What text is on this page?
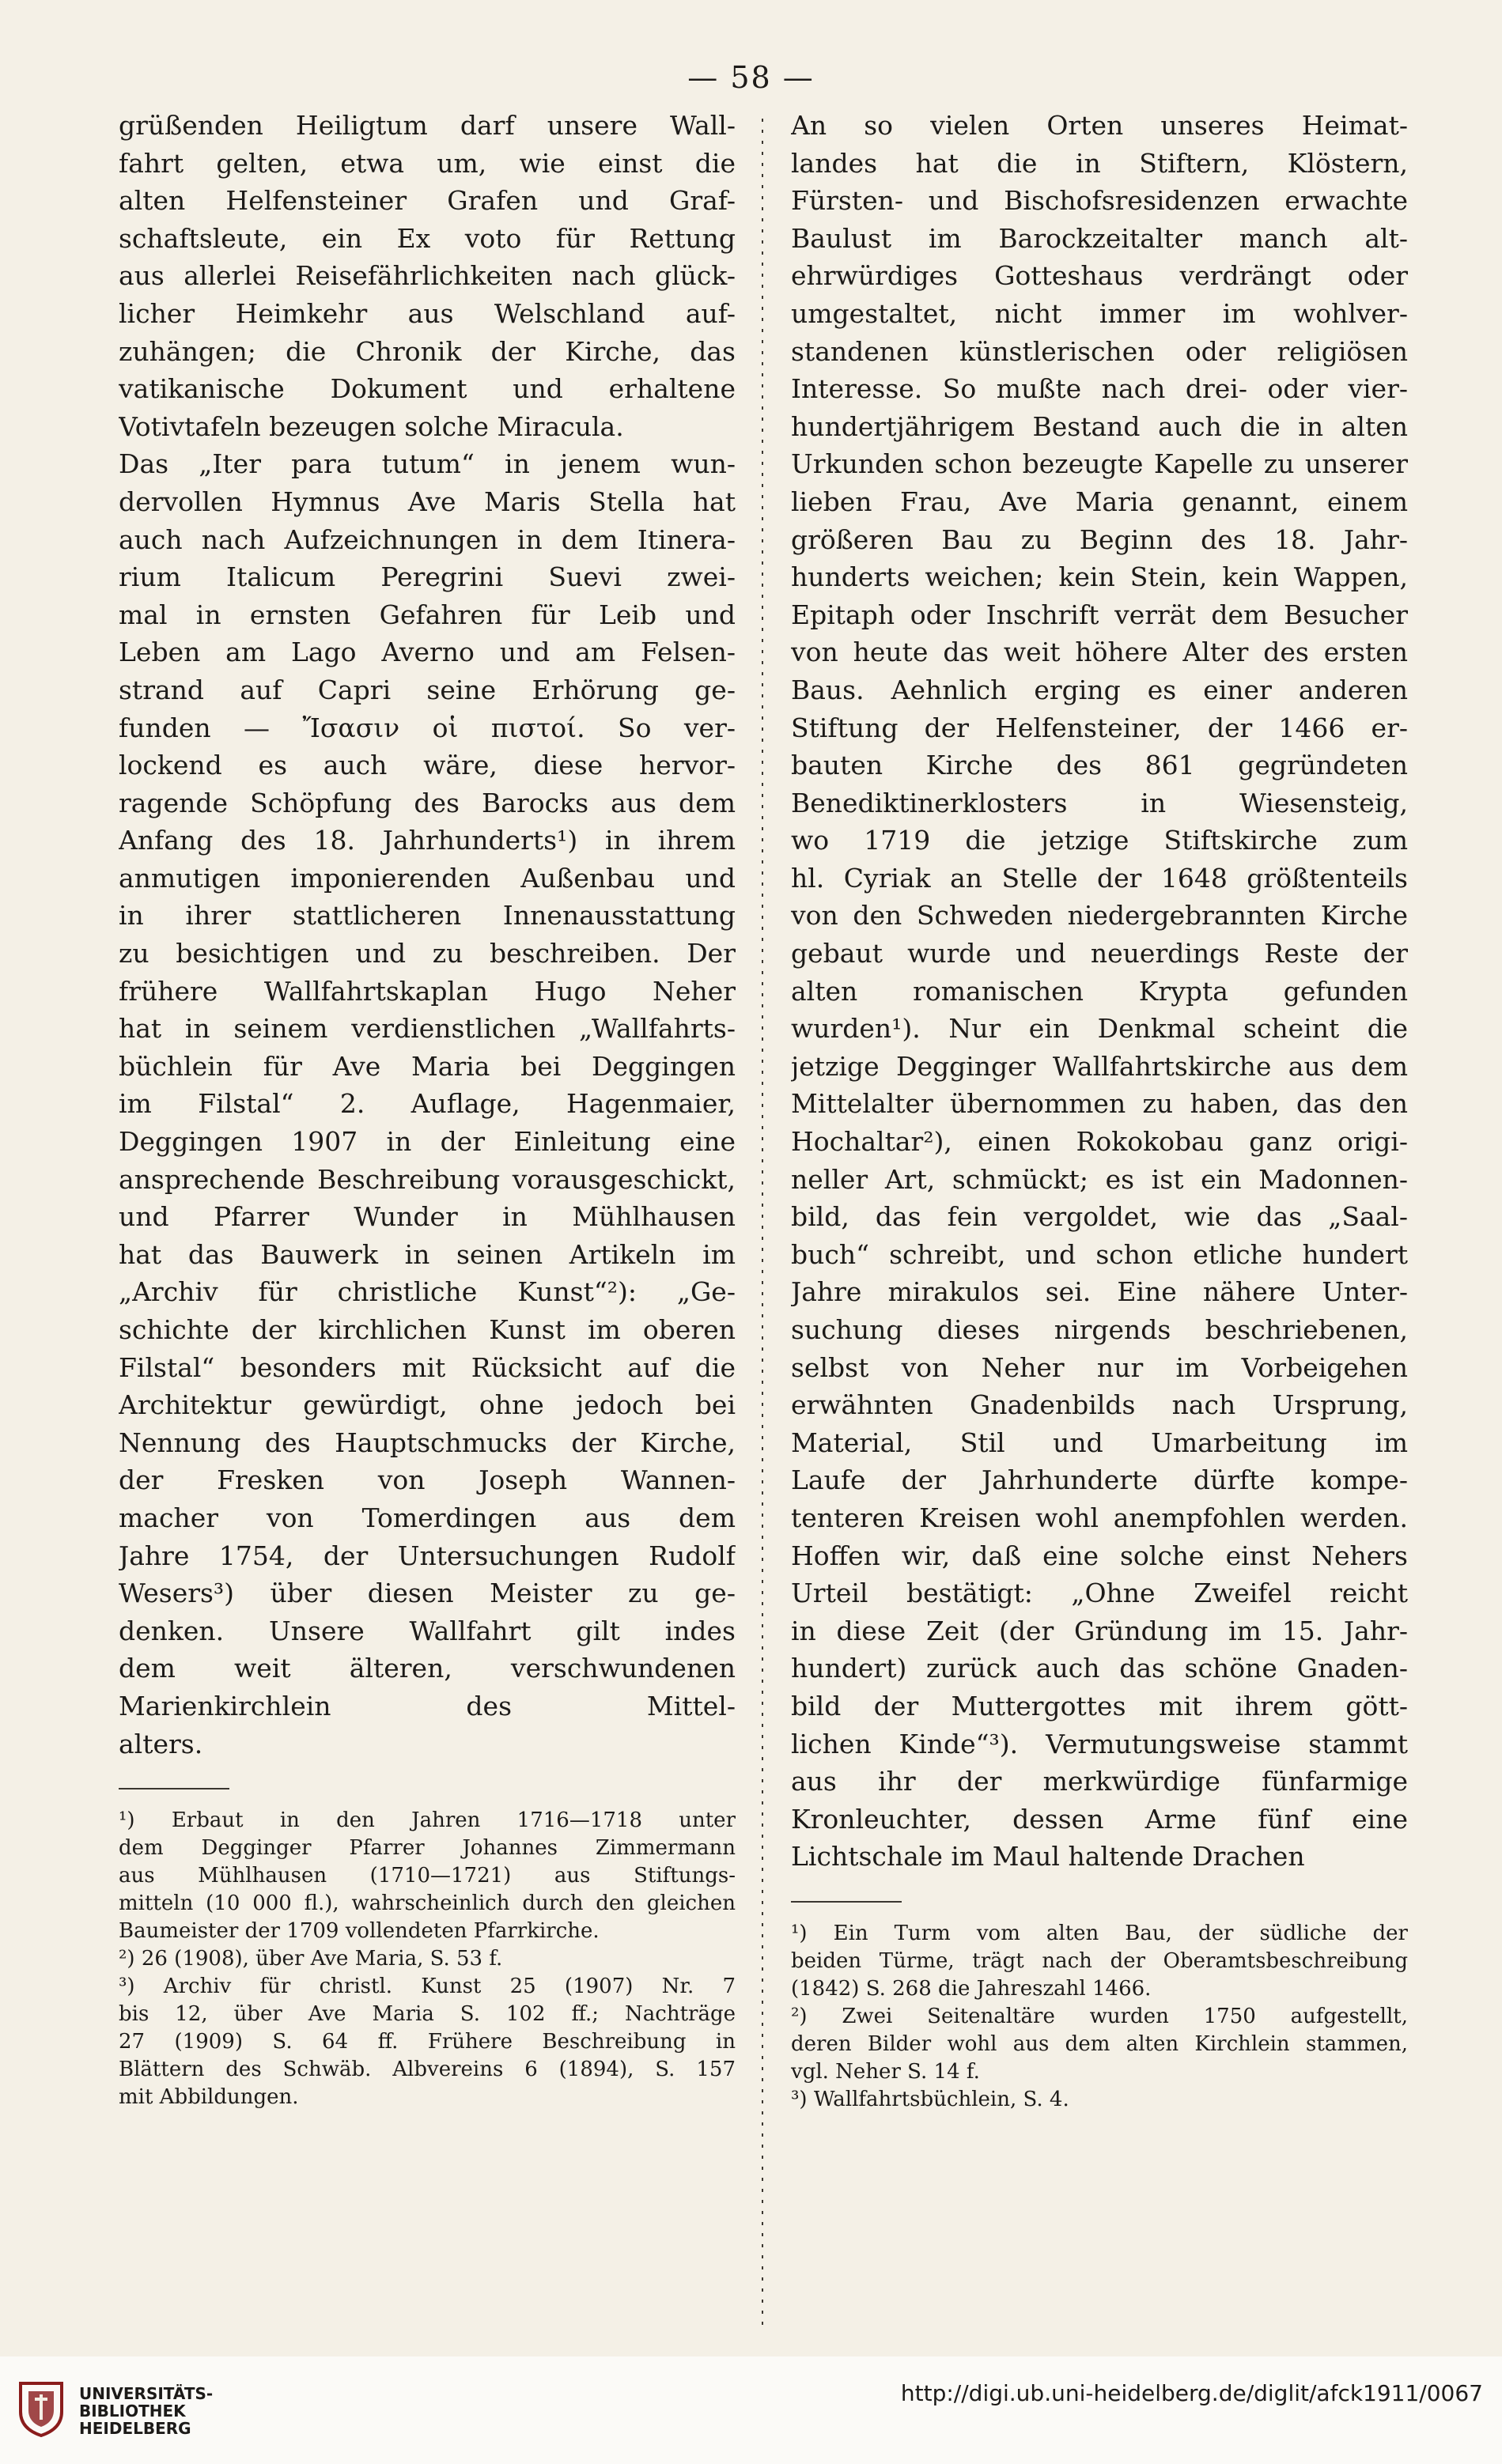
— 58 —
grüßenden Heiligtum darf unsere Wall-
fahrt gelten, etwa um, wie einst die
alten Helfensteiner Grafen und Graf-
schaftsleute, ein Ex voto für Rettung
aus allerlei Reisefährlichkeiten nach glück-
licher Heimkehr aus Welschland auf-
zuhängen; die Chronik der Kirche, das
vatikanische Dokument und erhaltene
Votivtafeln bezeugen solche Miracula.
Das „Iter para tutum“ in jenem wun-
dervollen Hymnus Ave Maris Stella hat
auch nach Aufzeichnungen in dem Itinera-
rium Italicum Peregrini Suevi zwei-
mal in ernsten Gefahren für Leib und
Leben am Lago Averno und am Felsen-
strand auf Capri seine Erhörung ge-
funden — Ἴσασιν οἱ πιστοί. So ver-
lockend es auch wäre, diese hervor-
ragende Schöpfung des Barocks aus dem
Anfang des 18. Jahrhunderts¹) in ihrem
anmutigen imponierenden Außenbau und
in ihrer stattlicheren Innenausstattung
zu besichtigen und zu beschreiben. Der
frühere Wallfahrtskaplan Hugo Neher
hat in seinem verdienstlichen „Wallfahrts-
büchlein für Ave Maria bei Deggingen
im Filstal“ 2. Auflage, Hagenmaier,
Deggingen 1907 in der Einleitung eine
ansprechende Beschreibung vorausgeschickt,
und Pfarrer Wunder in Mühlhausen
hat das Bauwerk in seinen Artikeln im
„Archiv für christliche Kunst“²): „Ge-
schichte der kirchlichen Kunst im oberen
Filstal“ besonders mit Rücksicht auf die
Architektur gewürdigt, ohne jedoch bei
Nennung des Hauptschmucks der Kirche,
der Fresken von Joseph Wannen-
macher von Tomerdingen aus dem
Jahre 1754, der Untersuchungen Rudolf
Wesers³) über diesen Meister zu ge-
denken. Unsere Wallfahrt gilt indes
dem weit älteren, verschwundenen
Marienkirchlein des Mittel-
alters.
¹) Erbaut in den Jahren 1716—1718 unter
dem Degginger Pfarrer Johannes Zimmermann
aus Mühlhausen (1710—1721) aus Stiftungs-
mitteln (10 000 fl.), wahrscheinlich durch den gleichen
Baumeister der 1709 vollendeten Pfarrkirche.
²) 26 (1908), über Ave Maria, S. 53 f.
³) Archiv für christl. Kunst 25 (1907) Nr. 7
bis 12, über Ave Maria S. 102 ff.; Nachträge
27 (1909) S. 64 ff. Frühere Beschreibung in
Blättern des Schwäb. Albvereins 6 (1894), S. 157
mit Abbildungen.
An so vielen Orten unseres Heimat-
landes hat die in Stiftern, Klöstern,
Fürsten- und Bischofsresidenzen erwachte
Baulust im Barockzeitalter manch alt-
ehrwürdiges Gotteshaus verdrängt oder
umgestaltet, nicht immer im wohlver-
standenen künstlerischen oder religiösen
Interesse. So mußte nach drei- oder vier-
hundertjährigem Bestand auch die in alten
Urkunden schon bezeugte Kapelle zu unserer
lieben Frau, Ave Maria genannt, einem
größeren Bau zu Beginn des 18. Jahr-
hunderts weichen; kein Stein, kein Wappen,
Epitaph oder Inschrift verrät dem Besucher
von heute das weit höhere Alter des ersten
Baus. Aehnlich erging es einer anderen
Stiftung der Helfensteiner, der 1466 er-
bauten Kirche des 861 gegründeten
Benediktinerklosters in Wiesensteig,
wo 1719 die jetzige Stiftskirche zum
hl. Cyriak an Stelle der 1648 größtenteils
von den Schweden niedergebrannten Kirche
gebaut wurde und neuerdings Reste der
alten romanischen Krypta gefunden
wurden¹). Nur ein Denkmal scheint die
jetzige Degginger Wallfahrtskirche aus dem
Mittelalter übernommen zu haben, das den
Hochaltar²), einen Rokokobau ganz origi-
neller Art, schmückt; es ist ein Madonnen-
bild, das fein vergoldet, wie das „Saal-
buch“ schreibt, und schon etliche hundert
Jahre mirakulos sei. Eine nähere Unter-
suchung dieses nirgends beschriebenen,
selbst von Neher nur im Vorbeigehen
erwähnten Gnadenbilds nach Ursprung,
Material, Stil und Umarbeitung im
Laufe der Jahrhunderte dürfte kompe-
tenteren Kreisen wohl anempfohlen werden.
Hoffen wir, daß eine solche einst Nehers
Urteil bestätigt: „Ohne Zweifel reicht
in diese Zeit (der Gründung im 15. Jahr-
hundert) zurück auch das schöne Gnaden-
bild der Muttergottes mit ihrem gött-
lichen Kinde“³). Vermutungsweise stammt
aus ihr der merkwürdige fünfarmige
Kronleuchter, dessen Arme fünf eine
Lichtschale im Maul haltende Drachen
¹) Ein Turm vom alten Bau, der südliche der
beiden Türme, trägt nach der Oberamtsbeschreibung
(1842) S. 268 die Jahreszahl 1466.
²) Zwei Seitenaltäre wurden 1750 aufgestellt,
deren Bilder wohl aus dem alten Kirchlein stammen,
vgl. Neher S. 14 f.
³) Wallfahrtsbüchlein, S. 4.
UNIVERSITÄTS-
BIBLIOTHEK
HEIDELBERG
http://digi.ub.uni-heidelberg.de/diglit/afck1911/0067
